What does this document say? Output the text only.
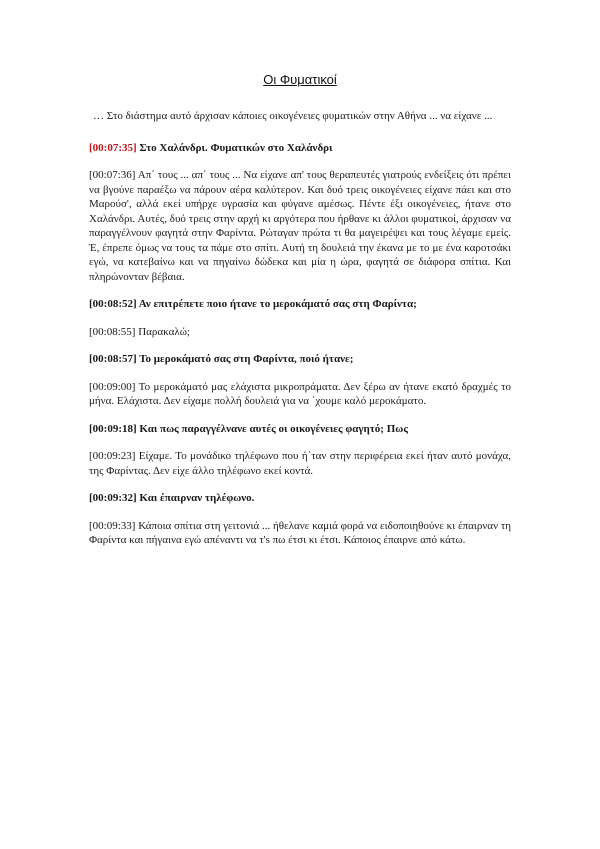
Οι Φυματικοί

… Στο διάστημα αυτό άρχισαν κάποιες οικογένειες φυματικών στην Αθήνα ... να είχανε ...

[00:07:35] Στο Χαλάνδρι. Φυματικών στο Χαλάνδρι

[00:07:36] Απ΄ τους ... απ΄ τους ... Να είχανε απ' τους θεραπευτές γιατρούς ενδείξεις ότι πρέπει να βγούνε παραέξω να πάρουν αέρα καλύτερον. Και δυό τρεις οικογένειες είχανε πάει και στο Μαρούσ', αλλά εκεί υπήρχε υγρασία και φύγανε αμέσως. Πέντε έξι οικογένειες, ήτανε στο Χαλάνδρι. Αυτές, δυό τρεις στην αρχή κι αργότερα που ήρθανε κι άλλοι φυματικοί, άρχισαν να παραγγέλνουν φαγητά στην Φαρίντα. Ρώταγαν πρώτα τι θα μαγειρέψει και τους λέγαμε εμείς. Έ, έπρεπε όμως να τους τα πάμε στο σπίτι. Αυτή τη δουλειά την έκανα με το με ένα καροτσάκι εγώ, να κατεβαίνω και να πηγαίνω δώδεκα και μία η ώρα, φαγητά σε διάφορα σπίτια. Και πληρώνονταν βέβαια.

[00:08:52] Αν επιτρέπετε ποιο ήτανε το μεροκάματό σας στη Φαρίντα;

[00:08:55] Παρακαλώ;

[00:08:57] Το μεροκάματό σας στη Φαρίντα, ποιό ήτανε;

[00:09:00] Το μεροκάματό μας ελάχιστα μικροπράματα. Δεν ξέρω αν ήτανε εκατό δραχμές το μήνα. Ελάχιστα. Δεν είχαμε πολλή δουλειά για να ΄χουμε καλό μεροκάματο.

[00:09:18] Και πως παραγγέλνανε αυτές οι οικογένειες φαγητό; Πως

[00:09:23] Είχαμε. Το μονάδικο τηλέφωνο που ή΄ταν στην περιφέρεια εκεί ήταν αυτό μονάχα, της Φαρίντας. Δεν είχε άλλο τηλέφωνο εκεί κοντά.

[00:09:32] Και έπαιρναν τηλέφωνο.

[00:09:33] Κάποια σπίτια στη γειτονιά ... ήθελανε καμιά φορά να ειδοποιηθούνε κι έπαιρναν τη Φαρίντα και πήγαινα εγώ απέναντι να τ's πω έτσι κι έτσι. Κάποιος έπαιρνε από κάτω.
